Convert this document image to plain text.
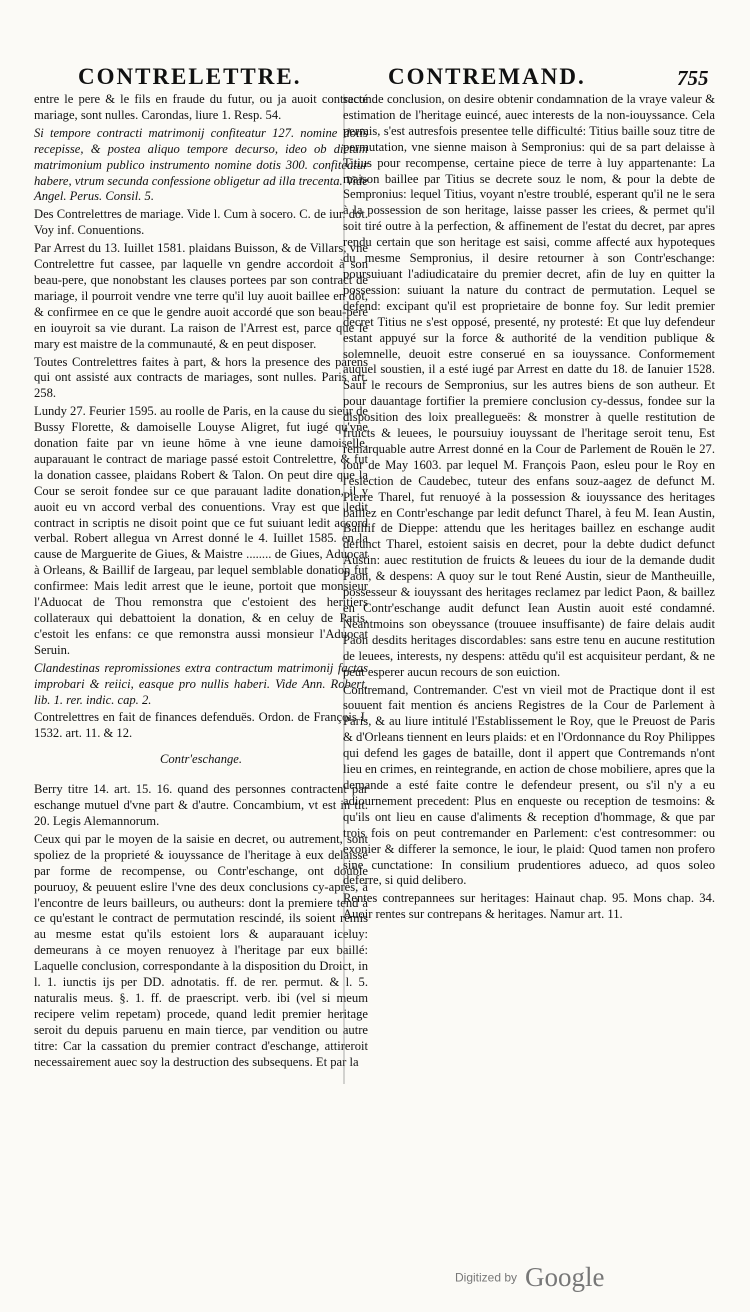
CONTRELETTRE.	CONTREMAND.	755

entre le pere & le fils en fraude du futur, ou ja auoit contracté mariage, sont nulles. Carondas, liure 1. Resp. 54.

Si tempore contracti matrimonij confiteatur 127. nomine dotis recepisse, & postea aliquo tempore decurso, ideo ob dictum matrimonium publico instrumento nomine dotis 300. confiteatur habere, vtrum secunda confessione obligetur ad illa trecenta. Vide Angel. Perus. Consil. 5.

Des Contrelettres de mariage. Vide l. Cum à socero. C. de iur. dot. Voy inf. Conuentions.

Par Arrest du 13. Iuillet 1581. plaidans Buisson, & de Villars, vne Contrelettre fut cassee, par laquelle vn gendre accordoit à son beau-pere, que nonobstant les clauses portees par son contract de mariage, il pourroit vendre vne terre qu'il luy auoit baillee en dot, & confirmee en ce que le gendre auoit accordé que son beau-pere en iouyroit sa vie durant. La raison de l'Arrest est, parce que le mary est maistre de la communauté, & en peut disposer.

Toutes Contrelettres faites à part, & hors la presence des parens qui ont assisté aux contracts de mariages, sont nulles. Paris art. 258.

Lundy 27. Feurier 1595. au roolle de Paris, en la cause du sieur de Bussy Florette, & damoiselle Louyse Aligret, fut iugé qu'vne donation faite par vn ieune hōme à vne ieune damoiselle, auparauant le contract de mariage passé estoit Contrelettre, & fut la donation cassee, plaidans Robert & Talon. On peut dire que la Cour se seroit fondee sur ce que parauant ladite donation, il y auoit eu vn accord verbal des conuentions. Vray est que ledit contract in scriptis ne disoit point que ce fut suiuant ledit accord verbal. Robert allegua vn Arrest donné le 4. Iuillet 1585. en la cause de Marguerite de Giues, & Maistre ........ de Giues, Aduocat à Orleans, & Baillif de Iargeau, par lequel semblable donation fut confirmee: Mais ledit arrest que le ieune, portoit que monsieur l'Aduocat de Thou remonstra que c'estoient des heritiers collateraux qui debattoient la donation, & en celuy de Paris, c'estoit les enfans: ce que remonstra aussi monsieur l'Aduocat Seruin.

Clandestinas repromissiones extra contractum matrimonij factas improbari & reiici, easque pro nullis haberi. Vide Ann. Robert. lib. 1. rer. indic. cap. 2.

Contrelettres en fait de finances defenduës. Ordon. de François I. 1532. art. 11. & 12.

Contr'eschange.

Berry titre 14. art. 15. 16. quand des personnes contractent par eschange mutuel d'vne part & d'autre. Concambium, vt est in tit. 20. Legis Alemannorum.

Ceux qui par le moyen de la saisie en decret, ou autrement, sont spoliez de la proprieté & iouyssance de l'heritage à eux delaissé par forme de recompense, ou Contr'eschange, ont double pouruoy, & peuuent eslire l'vne des deux conclusions cy-apres, à l'encontre de leurs bailleurs, ou autheurs: dont la premiere tend à ce qu'estant le contract de permutation rescindé, ils soient remis au mesme estat qu'ils estoient lors & auparauant iceluy: demeurans à ce moyen renuoyez à l'heritage par eux baillé: Laquelle conclusion, correspondante à la disposition du Droict, in l. 1. iunctis ijs per DD. adnotatis. ff. de rer. permut. & l. 5. naturalis meus. §. 1. ff. de praescript. verb. ibi (vel si meum recipere velim repetam) procede, quand ledit premier heritage seroit du depuis paruenu en main tierce, par vendition ou autre titre: Car la cassation du premier contract d'eschange, attireroit necessairement auec soy la destruction des subsequens. Et par la

seconde conclusion, on desire obtenir condamnation de la vraye valeur & estimation de l'heritage euincé, auec interests de la non-iouyssance. Cela permis, s'est autresfois presentee telle difficulté: Titius baille souz titre de permutation, vne sienne maison à Sempronius: qui de sa part delaisse à Titius pour recompense, certaine piece de terre à luy appartenante: La maison baillee par Titius se decrete souz le nom, & pour la debte de Sempronius: lequel Titius, voyant n'estre troublé, esperant qu'il ne le sera à la possession de son heritage, laisse passer les criees, & permet qu'il soit tiré outre à la perfection, & affinement de l'estat du decret, par apres rendu certain que son heritage est saisi, comme affecté aux hypoteques du mesme Sempronius, il desire retourner à son Contr'eschange: poursuiuant l'adiudicataire du premier decret, afin de luy en quitter la possession: suiuant la nature du contract de permutation. Lequel se defend: excipant qu'il est proprietaire de bonne foy. Sur ledit premier decret Titius ne s'est opposé, presenté, ny protesté: Et que luy defendeur estant appuyé sur la force & authorité de la vendition publique & solemnelle, deuoit estre conserué en sa iouyssance. Conformement auquel soustien, il a esté iugé par Arrest en datte du 18. de Ianuier 1528. Sauf le recours de Sempronius, sur les autres biens de son autheur. Et pour dauantage fortifier la premiere conclusion cy-dessus, fondee sur la disposition des loix preallegueës: & monstrer à quelle restitution de fruicts & leuees, le poursuiuy iouyssant de l'heritage seroit tenu, Est remarquable autre Arrest donné en la Cour de Parlement de Rouën le 27. iour de May 1603. par lequel M. François Paon, esleu pour le Roy en l'eslection de Caudebec, tuteur des enfans souz-aagez de defunct M. Pierre Tharel, fut renuoyé à la possession & iouyssance des heritages baillez en Contr'eschange par ledit defunct Tharel, à feu M. Iean Austin, Baillif de Dieppe: attendu que les heritages baillez en eschange audit defunct Tharel, estoient saisis en decret, pour la debte dudict defunct Austin: auec restitution de fruicts & leuees du iour de la demande dudit Paon, & despens: A quoy sur le tout René Austin, sieur de Mantheuille, possesseur & iouyssant des heritages reclamez par ledict Paon, & baillez en Contr'eschange audit defunct Iean Austin auoit esté condamné. Neantmoins son obeyssance (trouuee insuffisante) de faire delais audit Paon desdits heritages discordables: sans estre tenu en aucune restitution de leuees, interests, ny despens: attēdu qu'il est acquisiteur perdant, & ne peut esperer aucun recours de son euiction.

Contremand, Contremander. C'est vn vieil mot de Practique dont il est souuent fait mention és anciens Registres de la Cour de Parlement à Paris, & au liure intitulé l'Establissement le Roy, que le Preuost de Paris & d'Orleans tiennent en leurs plaids: et en l'Ordonnance du Roy Philippes qui defend les gages de bataille, dont il appert que Contremands n'ont lieu en crimes, en reintegrande, en action de chose mobiliere, apres que la demande a esté faite contre le defendeur present, ou s'il n'y a eu adiournement precedent: Plus en enqueste ou reception de tesmoins: & qu'ils ont lieu en cause d'aliments & reception d'hommage, & que par trois fois on peut contremander en Parlement: c'est contresommer: ou exonier & differer la semonce, le iour, le plaid: Quod tamen non profero sine cunctatione: In consilium prudentiores adueco, ad quos soleo deferre, si quid delibero.

Rentes contrepannees sur heritages: Hainaut chap. 95. Mons chap. 34. Auoir rentes sur contrepans & heritages. Namur art. 11.

Digitized by Google
